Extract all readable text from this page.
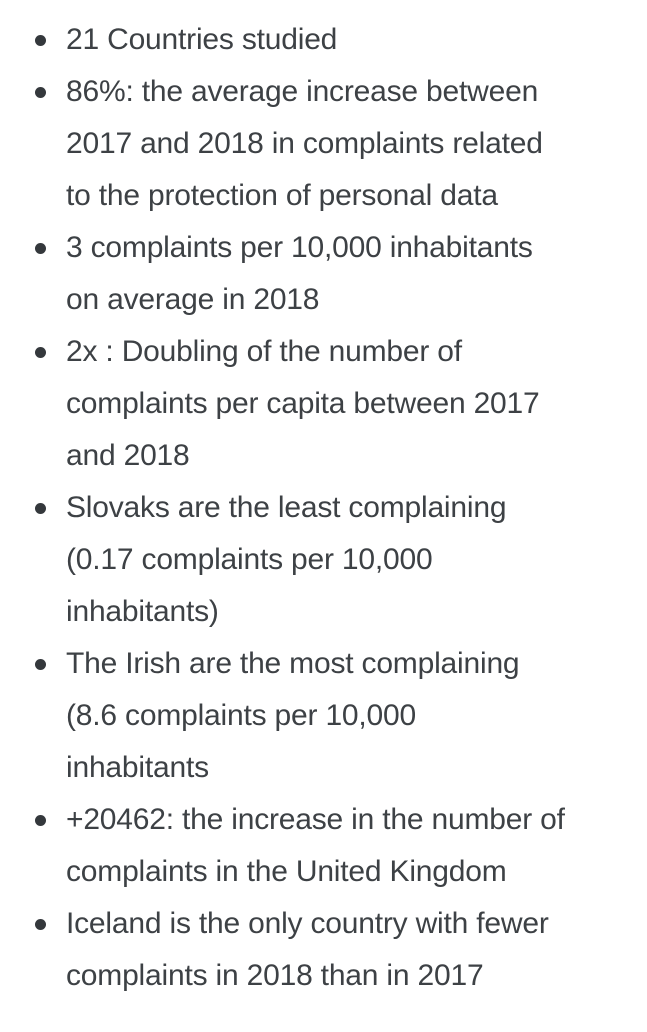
21 Countries studied
86%: the average increase between
2017 and 2018 in complaints related
to the protection of personal data
3 complaints per 10,000 inhabitants
on average in 2018
2x : Doubling of the number of
complaints per capita between 2017
and 2018
Slovaks are the least complaining
(0.17 complaints per 10,000
inhabitants)
The Irish are the most complaining
(8.6 complaints per 10,000
inhabitants
+20462: the increase in the number of
complaints in the United Kingdom
Iceland is the only country with fewer
complaints in 2018 than in 2017
